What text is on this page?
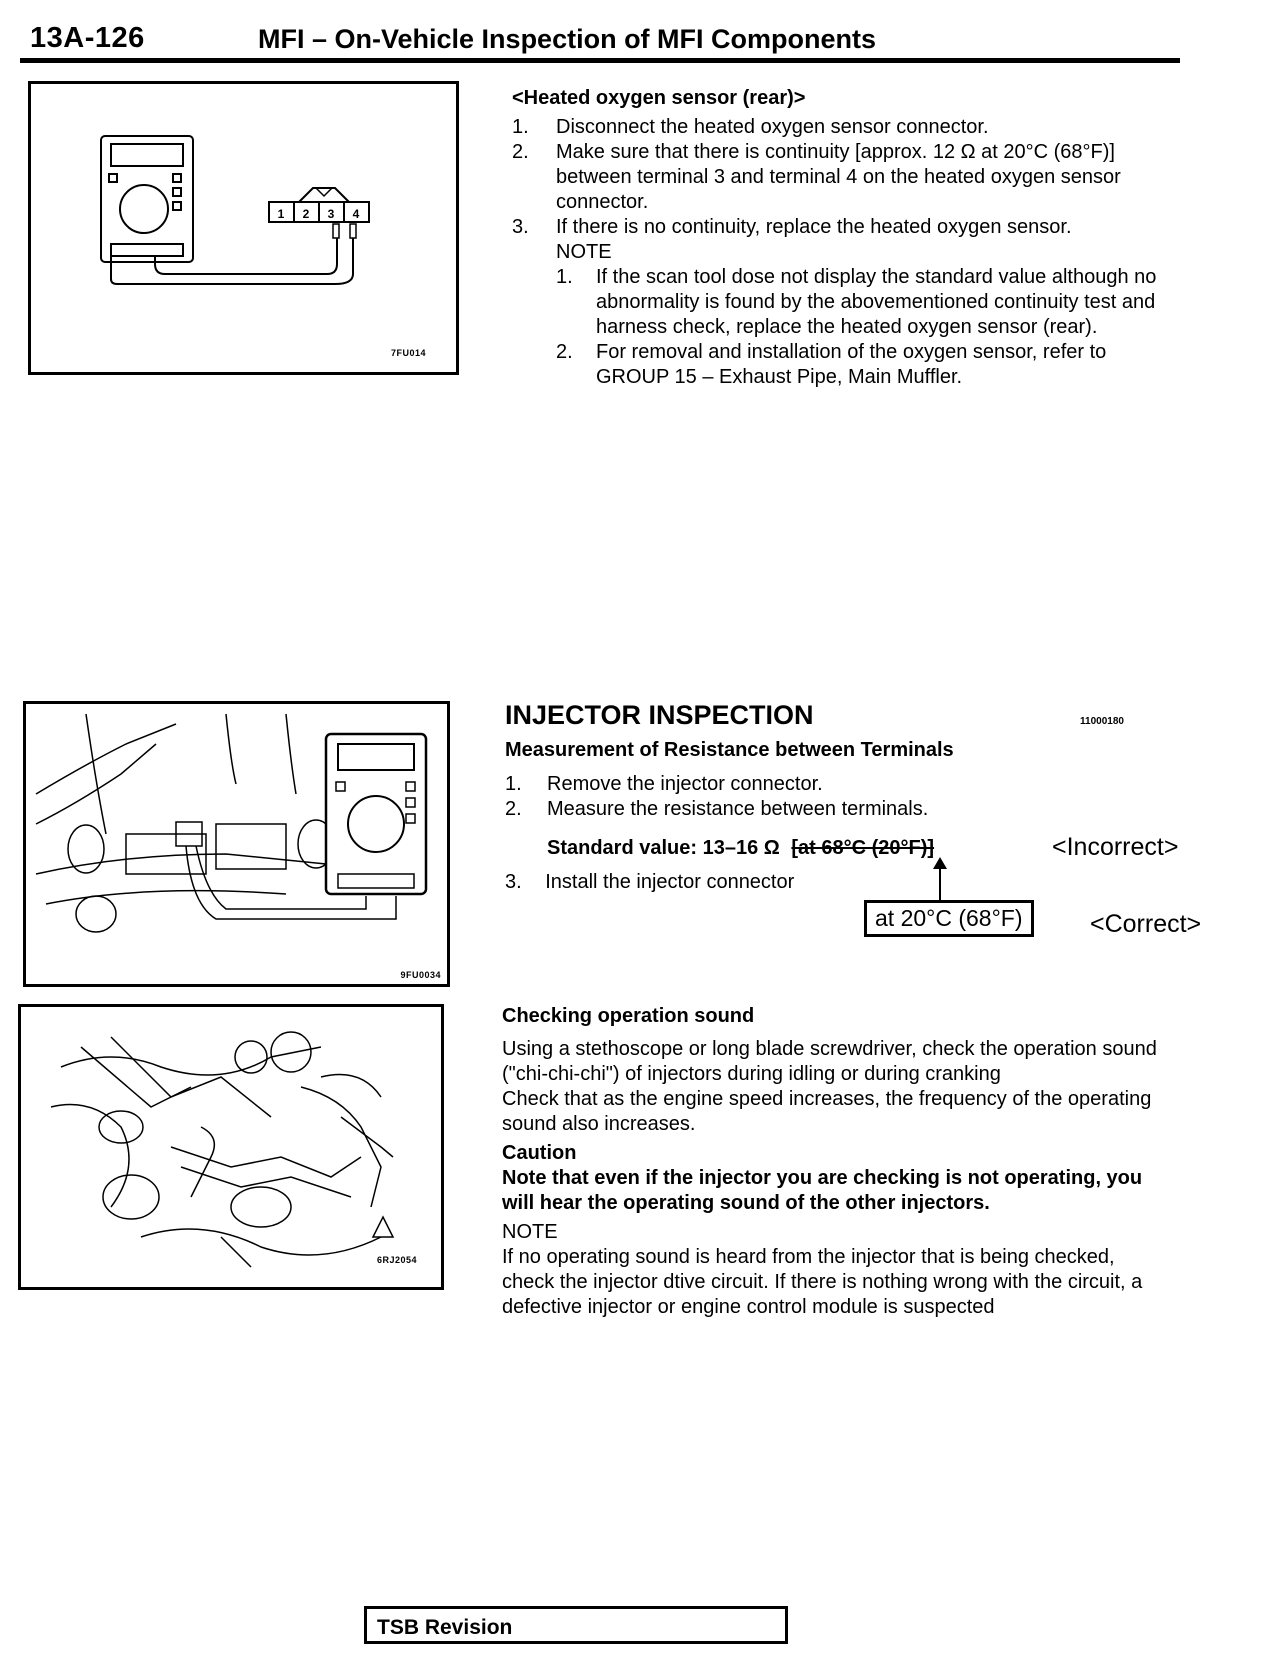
13A-126	MFI – On-Vehicle Inspection of MFI Components
1 2 3 4
7FU014
<Heated oxygen sensor (rear)>
1. Disconnect the heated oxygen sensor connector.
2. Make sure that there is continuity [approx. 12 Ω at 20°C (68°F)] between terminal 3 and terminal 4 on the heated oxygen sensor connector.
3. If there is no continuity, replace the heated oxygen sensor.
NOTE
1. If the scan tool dose not display the standard value although no abnormality is found by the abovementioned continuity test and harness check, replace the heated oxygen sensor (rear).
2. For removal and installation of the oxygen sensor, refer to GROUP 15 – Exhaust Pipe, Main Muffler.
9FU0034
INJECTOR INSPECTION	11000180
Measurement of Resistance between Terminals
1. Remove the injector connector.
2. Measure the resistance between terminals.
Standard value: 13–16 Ω [at 68°C (20°F)]	<Incorrect>
3. Install the injector connector
at 20°C (68°F)	<Correct>
6RJ2054
Checking operation sound
Using a stethoscope or long blade screwdriver, check the operation sound ("chi-chi-chi") of injectors during idling or during cranking
Check that as the engine speed increases, the frequency of the operating sound also increases.
Caution
Note that even if the injector you are checking is not operating, you will hear the operating sound of the other injectors.
NOTE
If no operating sound is heard from the injector that is being checked, check the injector dtive circuit. If there is nothing wrong with the circuit, a defective injector or engine control module is suspected
TSB Revision
